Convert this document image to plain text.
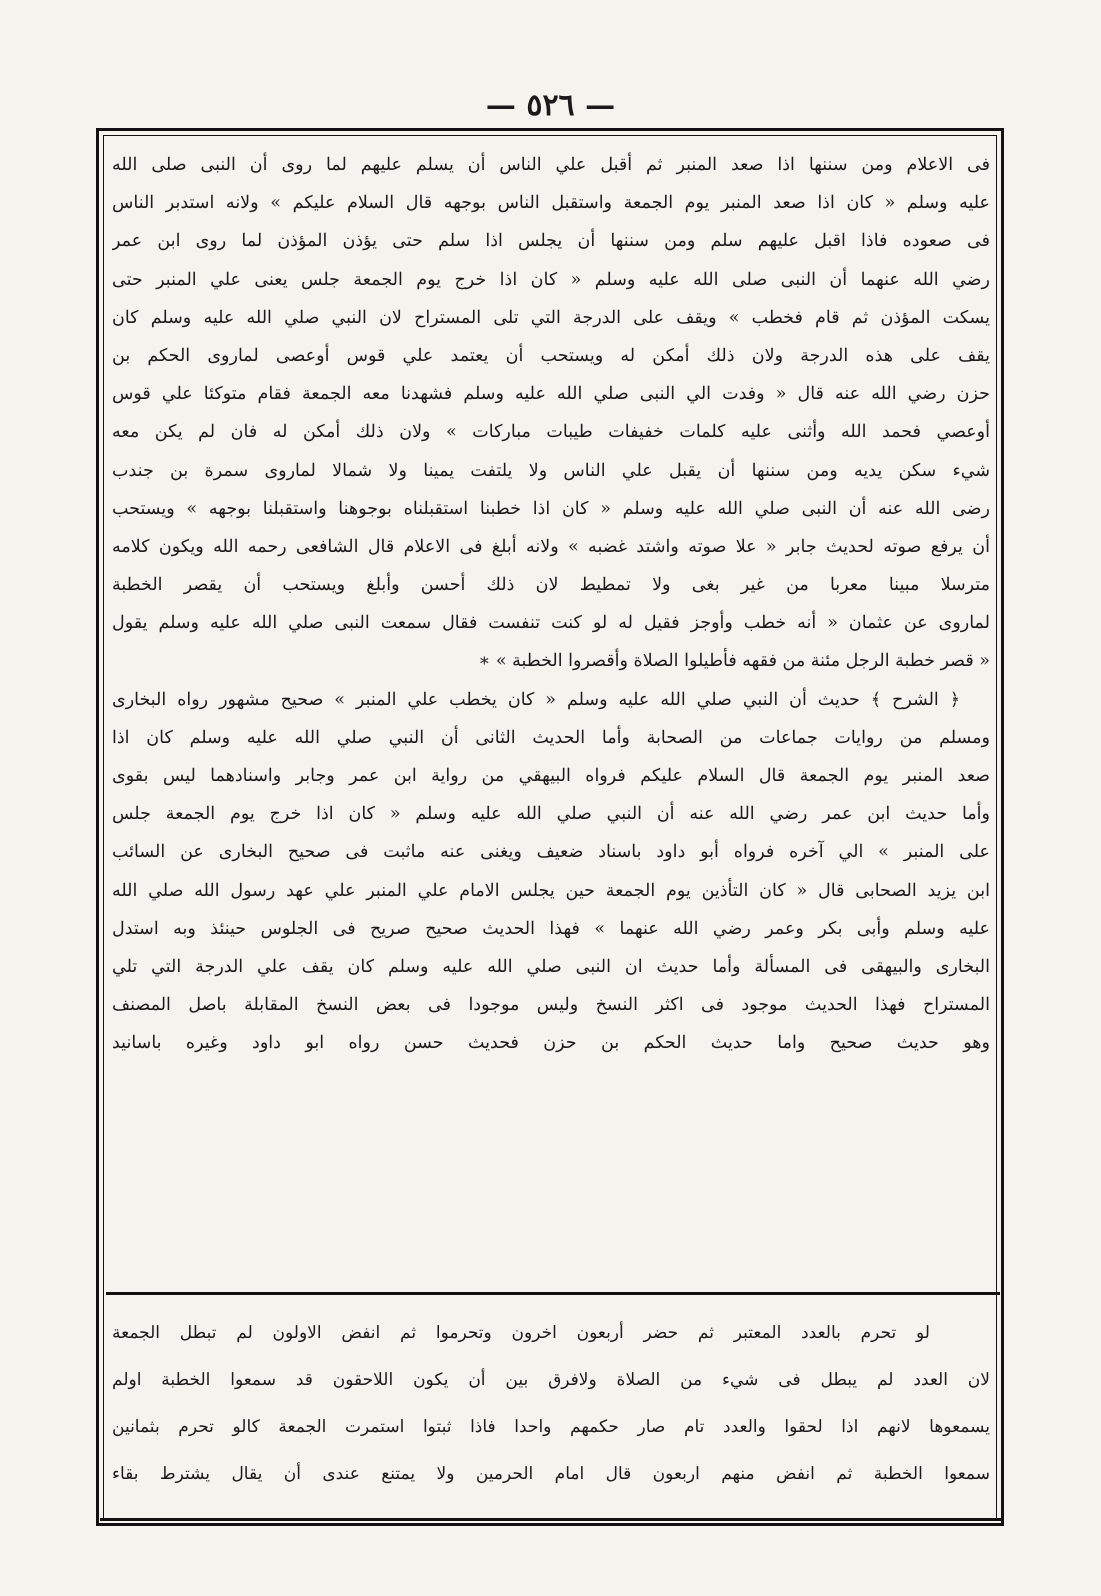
— ٥٢٦ —
فى الاعلام ومن سننها اذا صعد المنبر ثم أقبل علي الناس أن يسلم عليهم لما روى أن النبى صلى الله
عليه وسلم « كان اذا صعد المنبر يوم الجمعة واستقبل الناس بوجهه قال السلام عليكم » ولانه استدبر الناس
فى صعوده فاذا اقبل عليهم سلم ومن سننها أن يجلس اذا سلم حتى يؤذن المؤذن لما روى ابن عمر
رضي الله عنهما أن النبى صلى الله عليه وسلم « كان اذا خرج يوم الجمعة جلس يعنى علي المنبر حتى
يسكت المؤذن ثم قام فخطب » ويقف على الدرجة التي تلى المستراح لان النبي صلي الله عليه وسلم كان
يقف على هذه الدرجة ولان ذلك أمكن له ويستحب أن يعتمد علي قوس أوعصى لماروى الحكم بن
حزن رضي الله عنه قال « وفدت الي النبى صلي الله عليه وسلم فشهدنا معه الجمعة فقام متوكئا علي قوس
أوعصي فحمد الله وأثنى عليه كلمات خفيفات طيبات مباركات » ولان ذلك أمكن له فان لم يكن معه
شيء سكن يديه ومن سننها أن يقبل علي الناس ولا يلتفت يمينا ولا شمالا لماروى سمرة بن جندب
رضى الله عنه أن النبى صلي الله عليه وسلم « كان اذا خطبنا استقبلناه بوجوهنا واستقبلنا بوجهه » ويستحب
أن يرفع صوته لحديث جابر « علا صوته واشتد غضبه » ولانه أبلغ فى الاعلام قال الشافعى رحمه الله ويكون كلامه
مترسلا مبينا معربا من غير بغى ولا تمطيط لان ذلك أحسن وأبلغ ويستحب أن يقصر الخطبة
لماروى عن عثمان « أنه خطب وأوجز فقيل له لو كنت تنفست فقال سمعت النبى صلي الله عليه وسلم يقول
« قصر خطبة الرجل مئنة من فقهه فأطيلوا الصلاة وأقصروا الخطبة » ∗
﴿ الشرح ﴾ حديث أن النبي صلي الله عليه وسلم « كان يخطب علي المنبر » صحيح مشهور رواه البخارى
ومسلم من روايات جماعات من الصحابة وأما الحديث الثانى أن النبي صلي الله عليه وسلم كان اذا
صعد المنبر يوم الجمعة قال السلام عليكم فرواه البيهقي من رواية ابن عمر وجابر واسنادهما ليس بقوى
وأما حديث ابن عمر رضي الله عنه أن النبي صلي الله عليه وسلم « كان اذا خرج يوم الجمعة جلس
على المنبر » الي آخره فرواه أبو داود باسناد ضعيف ويغنى عنه ماثبت فى صحيح البخارى عن السائب
ابن يزيد الصحابى قال « كان التأذين يوم الجمعة حين يجلس الامام علي المنبر علي عهد رسول الله صلي الله
عليه وسلم وأبى بكر وعمر رضي الله عنهما » فهذا الحديث صحيح صريح فى الجلوس حينئذ وبه استدل
البخارى والبيهقى فى المسألة وأما حديث ان النبى صلي الله عليه وسلم كان يقف علي الدرجة التي تلي
المستراح فهذا الحديث موجود فى اكثر النسخ وليس موجودا فى بعض النسخ المقابلة باصل المصنف
وهو حديث صحيح واما حديث الحكم بن حزن فحديث حسن رواه ابو داود وغيره باسانيد
لو تحرم بالعدد المعتبر ثم حضر أربعون اخرون وتحرموا ثم انفض الاولون لم تبطل الجمعة
لان العدد لم يبطل فى شيء من الصلاة ولافرق بين أن يكون اللاحقون قد سمعوا الخطبة اولم
يسمعوها لانهم اذا لحقوا والعدد تام صار حكمهم واحدا فاذا ثبتوا استمرت الجمعة كالو تحرم بثمانين
سمعوا الخطبة ثم انفض منهم اربعون قال امام الحرمين ولا يمتنع عندى أن يقال يشترط بقاء
